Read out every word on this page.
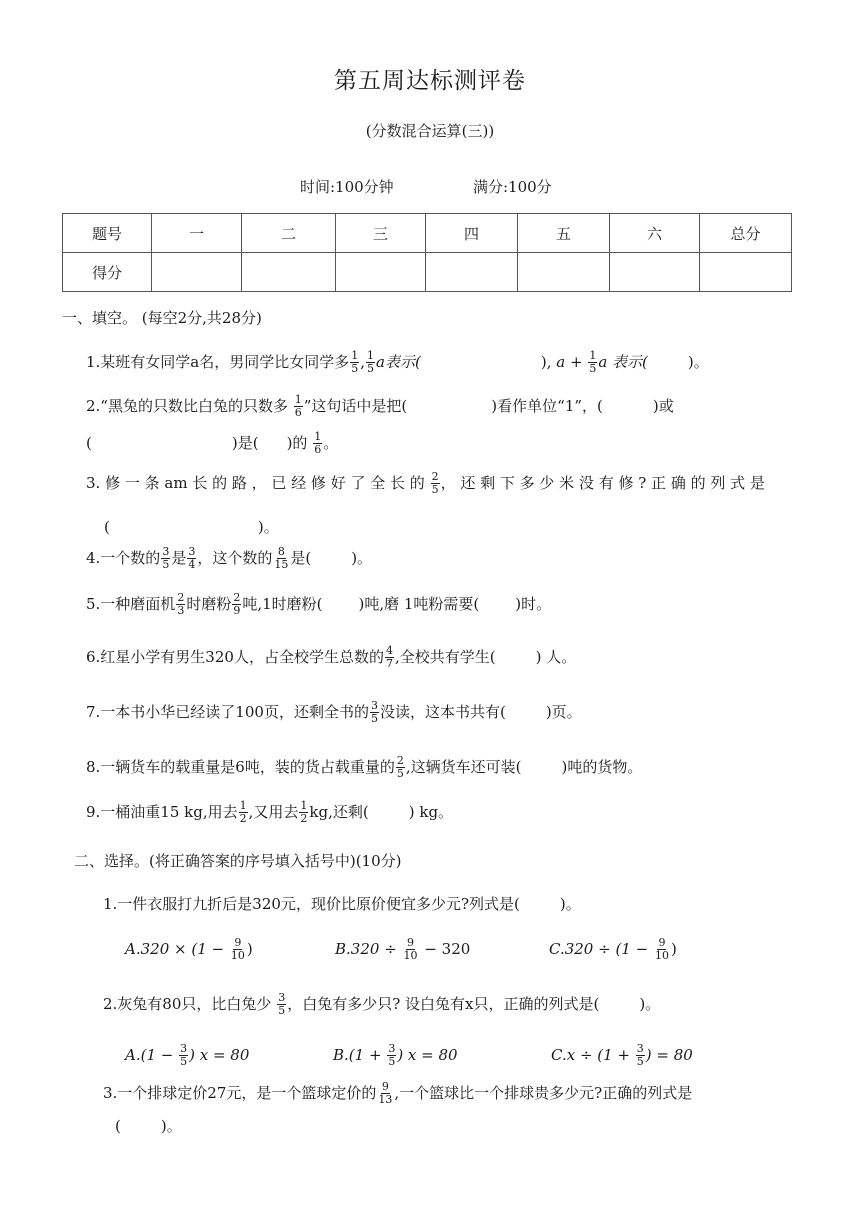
第五周达标测评卷
(分数混合运算(三))
时间:100分钟	满分:100分
题号	一	二	三	四	五	六	总分
得分							
一、填空。 (每空2分,共28分)
1.某班有女同学a名，男同学比女同学多 $\frac{1}{5}$ , $\frac{1}{5}$ a表示(	), $a + \frac{1}{5}$ a 表示(	)。
2.“黑兔的只数比白兔的只数多 $\frac{1}{6}$ ”这句话中是把(	)看作单位“1”，(	)或
(	)是( )的 $\frac{1}{6}$ 。
3. 修 一 条 am 长 的 路 ， 已 经 修 好 了 全 长 的 $\frac{2}{5}$ ， 还 剩 下 多 少 米 没 有 修 ? 正 确 的 列 式 是
(	)。
4.一个数的 $\frac{3}{5}$ 是 $\frac{3}{4}$ ，这个数的 $\frac{8}{15}$ 是(	)。
5.一种磨面机 $\frac{2}{3}$ 时磨粉 $\frac{2}{9}$ 吨,1时磨粉( )吨,磨 1吨粉需要( )时。
6.红星小学有男生320人，占全校学生总数的 $\frac{4}{7}$ ,全校共有学生(	) 人。
7.一本书小华已经读了100页，还剩全书的 $\frac{3}{5}$ 没读，这本书共有(	)页。
8.一辆货车的载重量是6吨，装的货占载重量的 $\frac{2}{5}$ ,这辆货车还可装(	)吨的货物。
9.一桶油重15 kg,用去 $\frac{1}{2}$ ,又用去 $\frac{1}{2}$ kg,还剩(	) kg。
二、选择。(将正确答案的序号填入括号中)(10分)
1.一件衣服打九折后是320元，现价比原价便宜多少元?列式是(	)。
$A.320 \times (1 - \frac{9}{10}$ )	$B.320 \div \frac{9}{10} - 320$	$C.320 \div (1 - \frac{9}{10}$ )
2.灰兔有80只，比白兔少 $\frac{3}{5}$ ，白兔有多少只? 设白兔有x只，正确的列式是(	)。
$A.(1 - \frac{3}{5}$ ) x = 80	$B.(1 + \frac{3}{5}$ ) x = 80	$C.x \div (1 + \frac{3}{5}$ ) = 80
3.一个排球定价27元，是一个篮球定价的 $\frac{9}{13}$ ,一个篮球比一个排球贵多少元?正确的列式是
(	)。
